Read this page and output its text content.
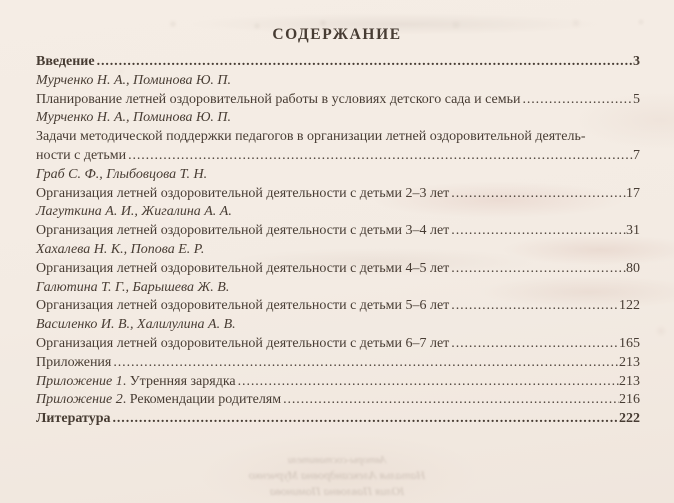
СОДЕРЖАНИЕ
Введение .....	3
Мурченко Н. А., Поминова Ю. П.
Планирование летней оздоровительной работы в условиях детского сада и семьи .....	5
Мурченко Н. А., Поминова Ю. П.
Задачи методической поддержки педагогов в организации летней оздоровительной деятель-
ности с детьми .....	7
Граб С. Ф., Глыбовцова Т. Н.
Организация летней оздоровительной деятельности с детьми 2–3 лет .....	17
Лагуткина А. И., Жигалина А. А.
Организация летней оздоровительной деятельности с детьми 3–4 лет .....	31
Хахалева Н. К., Попова Е. Р.
Организация летней оздоровительной деятельности с детьми 4–5 лет .....	80
Галютина Т. Г., Барышева Ж. В.
Организация летней оздоровительной деятельности с детьми 5–6 лет .....	122
Василенко И. В., Халилулина А. В.
Организация летней оздоровительной деятельности с детьми 6–7 лет .....	165
Приложения .....	213
Приложение 1 . Утренняя зарядка .....	213
Приложение 2 . Рекомендации родителям .....	216
Литература .....	222
Авторы-составители
Наталья Александровна Мурченко
Юлия Павловна Поминова
